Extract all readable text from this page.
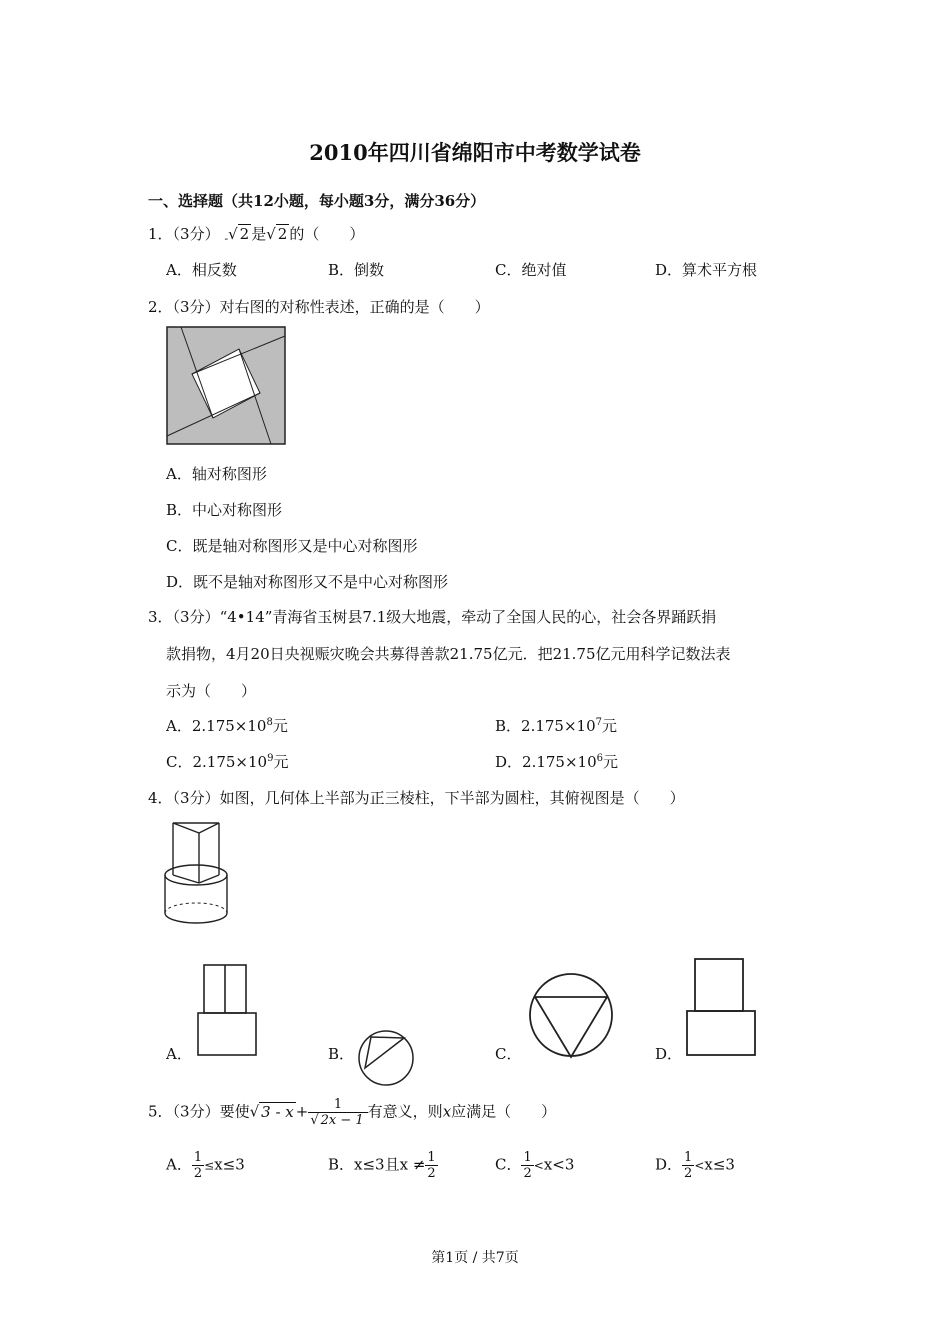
2010年四川省绵阳市中考数学试卷
一、选择题（共12小题，每小题3分，满分36分）
1．（3分） $_-$√ 2 是√ 2 的（　　）
A．相反数	B．倒数	C．绝对值	D．算术平方根
2．（3分）对右图的对称性表述，正确的是（　　）
A．轴对称图形
B．中心对称图形
C．既是轴对称图形又是中心对称图形
D．既不是轴对称图形又不是中心对称图形
3．（3分）“4•14”青海省玉树县7.1级大地震，牵动了全国人民的心，社会各界踊跃捐
款捐物，4月20日央视赈灾晚会共募得善款21.75亿元．把21.75亿元用科学记数法表
示为（　　）
A．$2.175\times 10^8$元	B．$2.175\times 10^7$元
C．$2.175\times 10^9$元	D．$2.175\times 10^6$元
4．（3分）如图，几何体上半部为正三棱柱，下半部为圆柱，其俯视图是（　　）
A．	B．	C．	D．
5．（3分）要使√ $3 - x + \frac{1}{√ 2x - 1}$ 有意义，则x应满足（　　）
A． $\frac{1}{2} \le x\le 3$	B．x≤3且$x \ne \frac{1}{2}$	C． $\frac{1}{2} <x<3$	D． $\frac{1}{2} <x\le 3$
第1页 / 共7页
